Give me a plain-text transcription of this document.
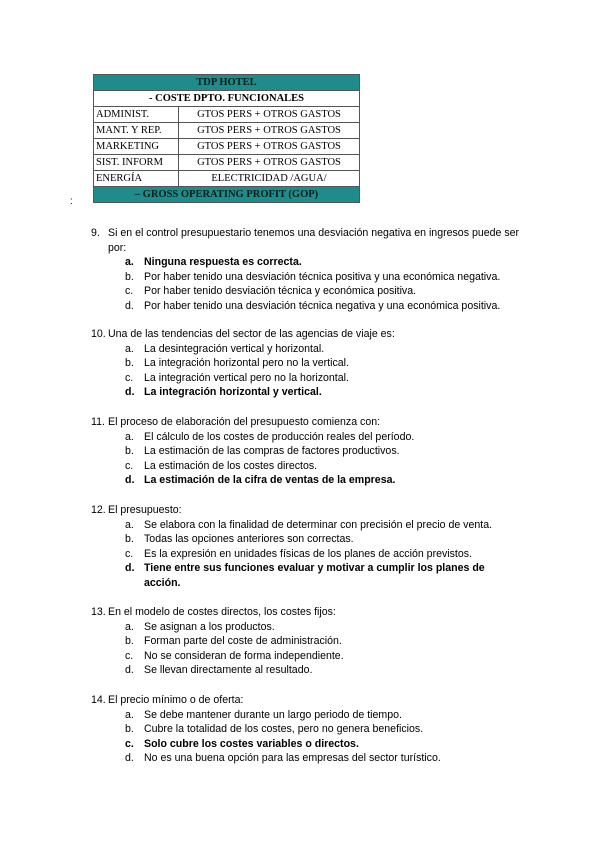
TDP HOTEL	
- COSTE DPTO. FUNCIONALES	
ADMINIST.	GTOS PERS + OTROS GASTOS
MANT. Y REP.	GTOS PERS + OTROS GASTOS
MARKETING	GTOS PERS + OTROS GASTOS
SIST. INFORM	GTOS PERS + OTROS GASTOS
ENERGÍA	ELECTRICIDAD /AGUA/
– GROSS OPERATING PROFIT (GOP)	
:
9. Si en el control presupuestario tenemos una desviación negativa en ingresos puede ser por:
a. Ninguna respuesta es correcta.
b. Por haber tenido una desviación técnica positiva y una económica negativa.
c.	Por haber tenido desviación técnica y económica positiva.
d. Por haber tenido una desviación técnica negativa y una económica positiva.
10. Una de las tendencias del sector de las agencias de viaje es:
a. La desintegración vertical y horizontal.
b. La integración horizontal pero no la vertical.
c.	La integración vertical pero no la horizontal.
d. La integración horizontal y vertical.
11. El proceso de elaboración del presupuesto comienza con:
a. El cálculo de los costes de producción reales del período.
b. La estimación de las compras de factores productivos.
c.	La estimación de los costes directos.
d. La estimación de la cifra de ventas de la empresa.
12. El presupuesto:
a. Se elabora con la finalidad de determinar con precisión el precio de venta.
b. Todas las opciones anteriores son correctas.
c.	Es la expresión en unidades físicas de los planes de acción previstos.
d. Tiene entre sus funciones evaluar y motivar a cumplir los planes de acción.
13. En el modelo de costes directos, los costes fijos:
a. Se asignan a los productos.
b. Forman parte del coste de administración.
c.	No se consideran de forma independiente.
d. Se llevan directamente al resultado.
14. El precio mínimo o de oferta:
a. Se debe mantener durante un largo periodo de tiempo.
b. Cubre la totalidad de los costes, pero no genera beneficios.
c. Solo cubre los costes variables o directos.
d. No es una buena opción para las empresas del sector turístico.
